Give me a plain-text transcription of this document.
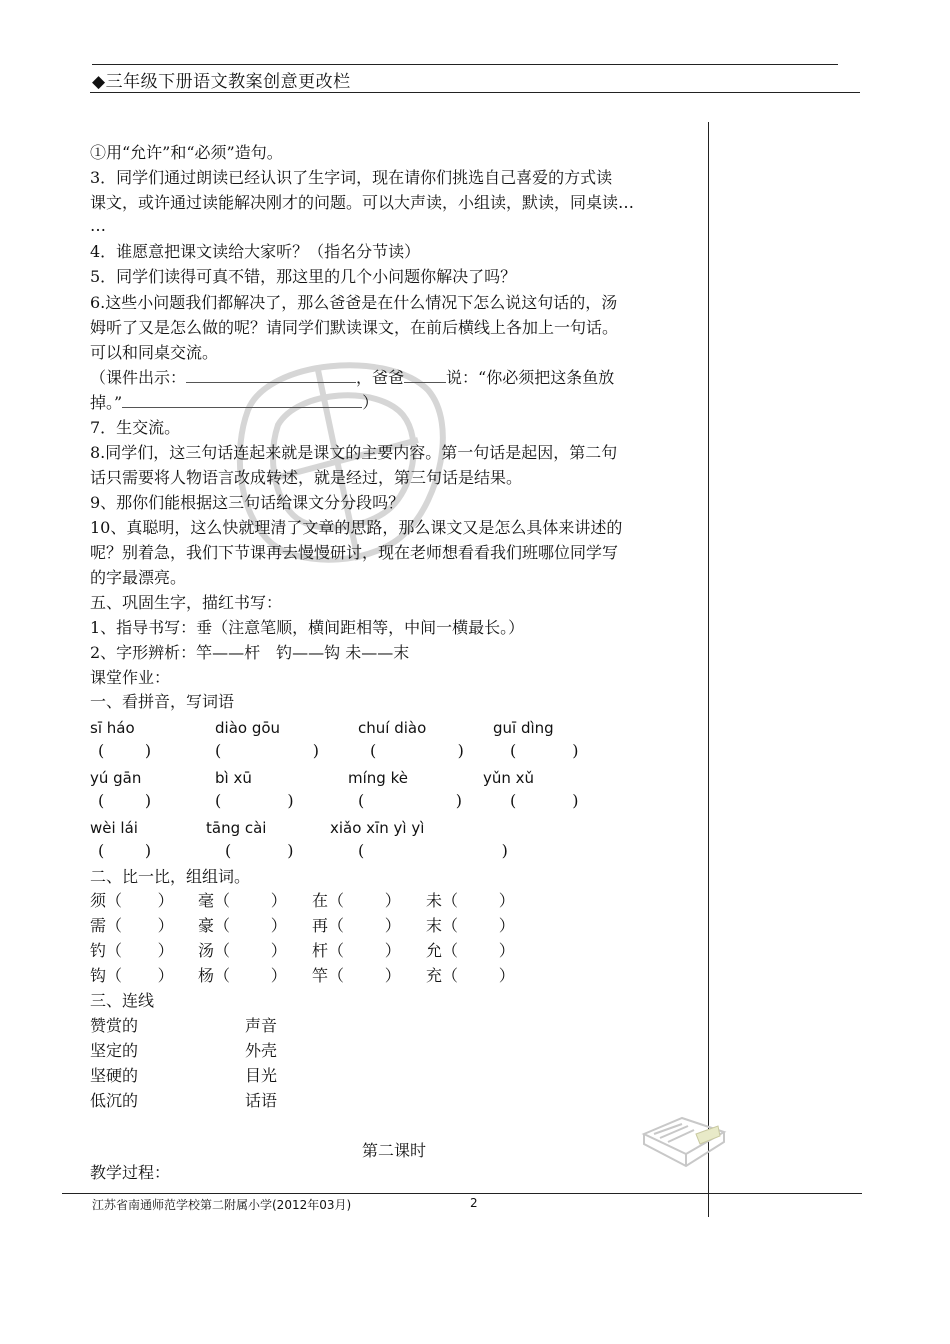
◆三年级下册语文教案创意更改栏
①用“允许”和“必须”造句。
3．同学们通过朗读已经认识了生字词，现在请你们挑选自己喜爱的方式读
课文，或许通过读能解决刚才的问题。可以大声读，小组读，默读，同桌读…
…
4．谁愿意把课文读给大家听？（指名分节读）
5．同学们读得可真不错，那这里的几个小问题你解决了吗？
6.这些小问题我们都解决了，那么爸爸是在什么情况下怎么说这句话的，汤
姆听了又是怎么做的呢？请同学们默读课文，在前后横线上各加上一句话。
可以和同桌交流。
（课件出示：	，爸爸	说：“你必须把这条鱼放
掉。”	）
7．生交流。
8.同学们，这三句话连起来就是课文的主要内容。第一句话是起因，第二句
话只需要将人物语言改成转述，就是经过，第三句话是结果。
9、那你们能根据这三句话给课文分分段吗？
10、真聪明，这么快就理清了文章的思路，那么课文又是怎么具体来讲述的
呢？别着急，我们下节课再去慢慢研讨，现在老师想看看我们班哪位同学写
的字最漂亮。
五、巩固生字，描红书写：
1、指导书写：垂（注意笔顺，横间距相等，中间一横最长。）
2、字形辨析：竿——杆　钓——钩 未——末
课堂作业：
一、看拼音，写词语
sī háo	diào gōu	chuí diào	guī dìng
(        )	(                  )	(                )	(           )
yú gān	bì xū	míng kè	yǔn xǔ
(        )	(             )	(                  )	(           )
wèi lái	tāng cài	xiǎo xīn yì yì
(        )	(           )	(                           )
二、比一比，组组词。
须（       ） 毫（        ） 在（        ） 未（        ）
需（       ） 豪（        ） 再（        ） 末（        ）
钓（       ） 汤（        ） 杆（        ） 允（        ）
钩（       ） 杨（        ） 竿（        ） 充（        ）
三、连线
赞赏的	声音
坚定的	外壳
坚硬的	目光
低沉的	话语
第二课时
教学过程：
江苏省南通师范学校第二附属小学(2012年03月)	2
